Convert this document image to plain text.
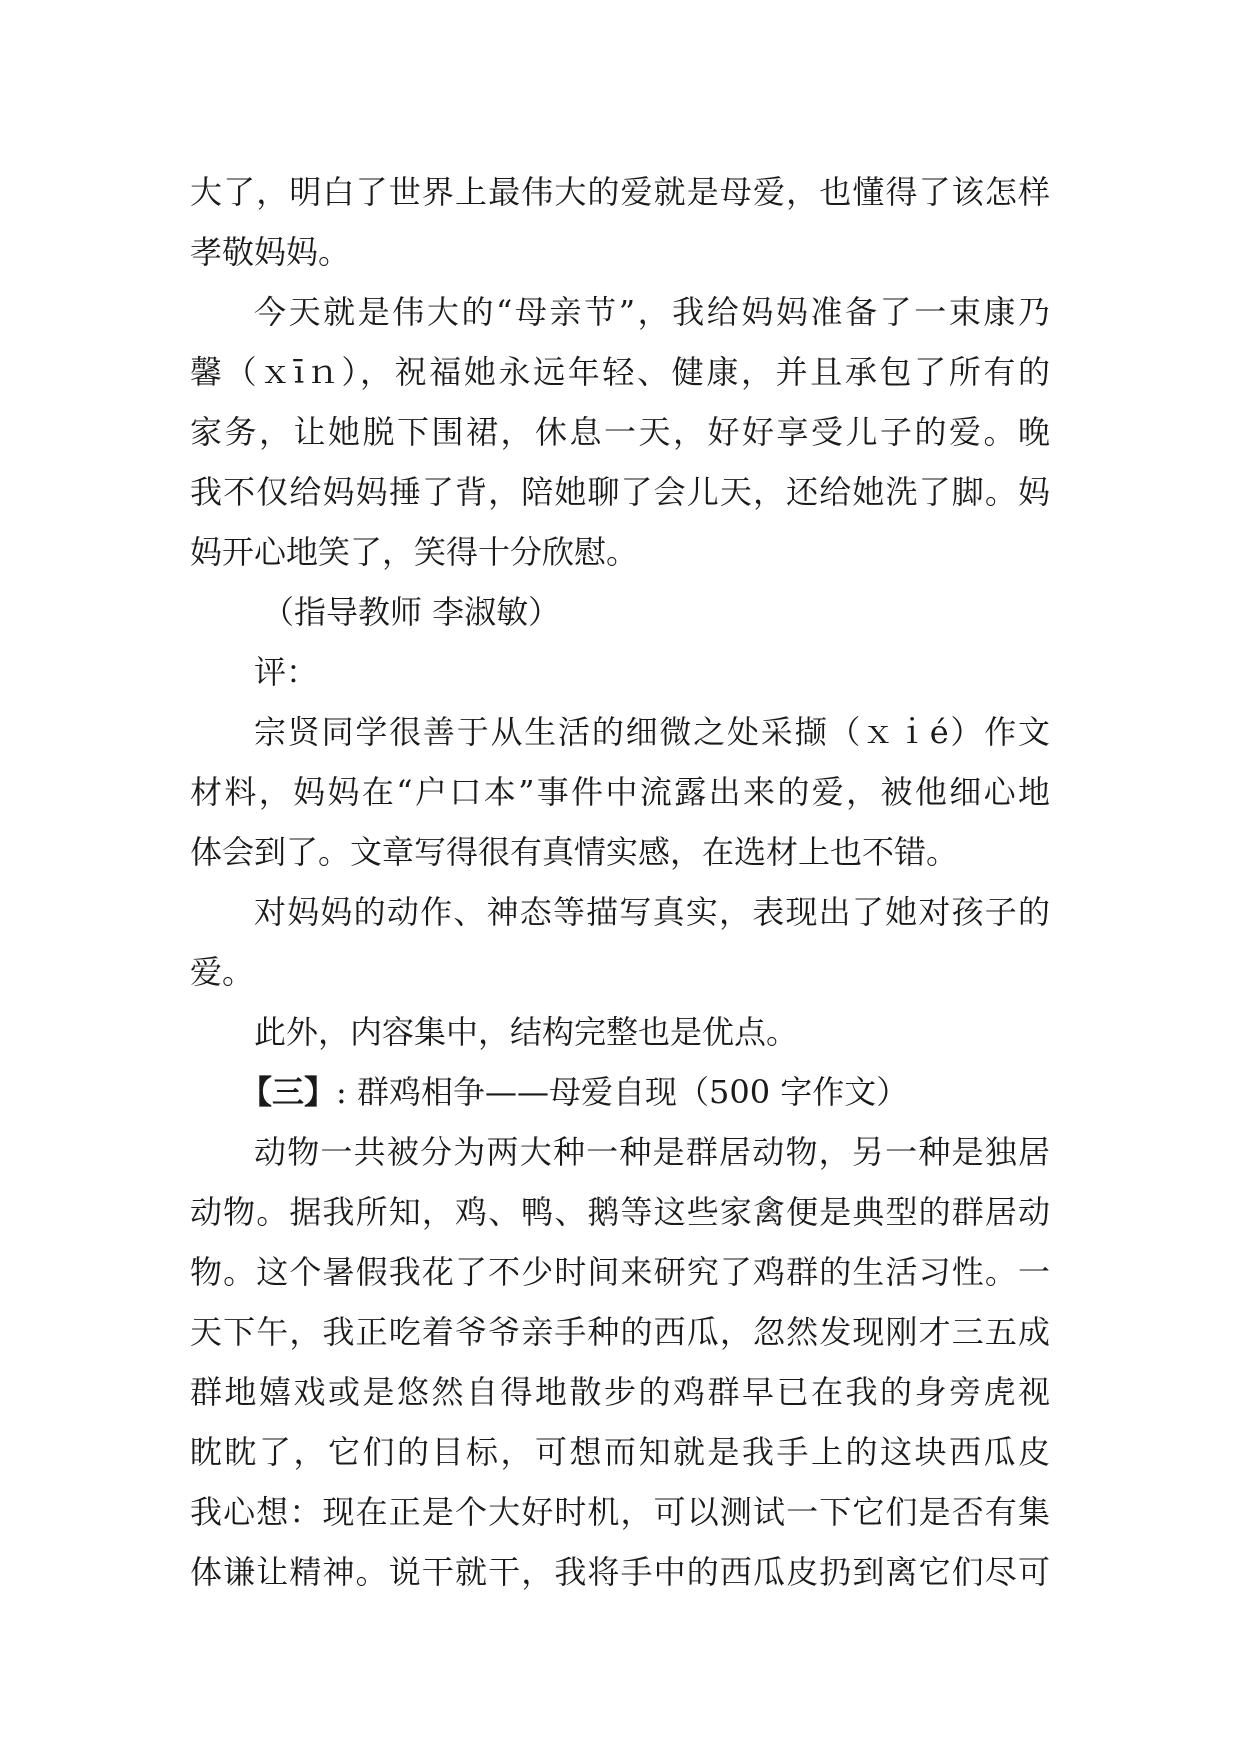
大了，明白了世界上最伟大的爱就是母爱，也懂得了该怎样
孝敬妈妈。
今天就是伟大的“母亲节”，我给妈妈准备了一束康乃
馨（ｘīｎ），祝福她永远年轻、健康，并且承包了所有的
家务，让她脱下围裙，休息一天，好好享受儿子的爱。晚
我不仅给妈妈捶了背，陪她聊了会儿天，还给她洗了脚。妈
妈开心地笑了，笑得十分欣慰。
（指导教师 李淑敏）
评：
宗贤同学很善于从生活的细微之处采撷（ｘｉé）作文
材料，妈妈在“户口本”事件中流露出来的爱，被他细心地
体会到了。文章写得很有真情实感，在选材上也不错。
对妈妈的动作、神态等描写真实，表现出了她对孩子的
爱。
此外，内容集中，结构完整也是优点。
【三】: 群鸡相争——母爱自现（500 字作文）
动物一共被分为两大种一种是群居动物，另一种是独居
动物。据我所知，鸡、鸭、鹅等这些家禽便是典型的群居动
物。这个暑假我花了不少时间来研究了鸡群的生活习性。一
天下午，我正吃着爷爷亲手种的西瓜，忽然发现刚才三五成
群地嬉戏或是悠然自得地散步的鸡群早已在我的身旁虎视
眈眈了，它们的目标，可想而知就是我手上的这块西瓜皮
我心想：现在正是个大好时机，可以测试一下它们是否有集
体谦让精神。说干就干，我将手中的西瓜皮扔到离它们尽可
